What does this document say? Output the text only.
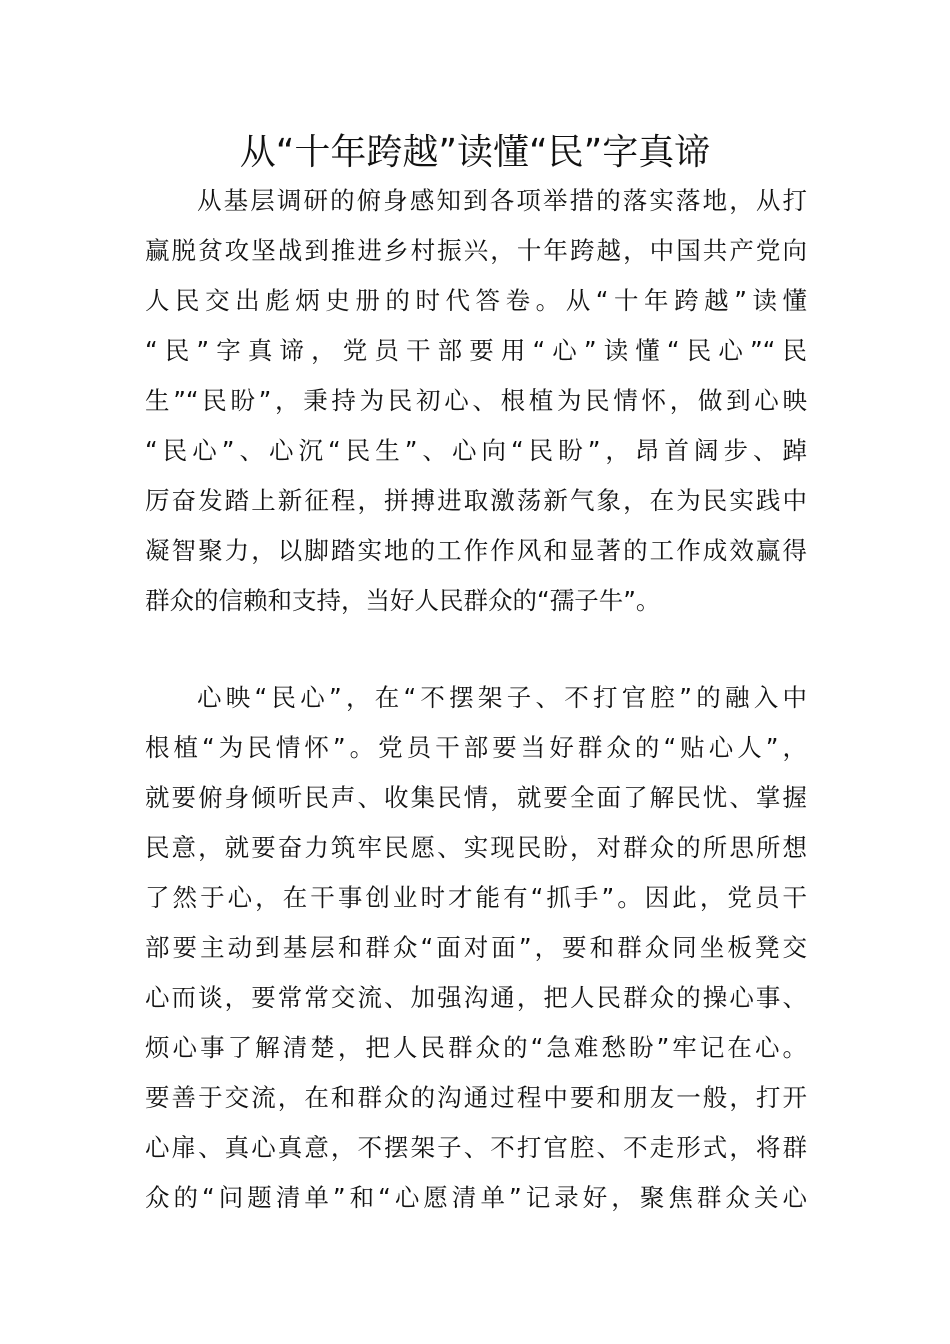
从“十年跨越”读懂“民”字真谛
从基层调研的俯身感知到各项举措的落实落地，从打
赢脱贫攻坚战到推进乡村振兴，十年跨越，中国共产党向
人民交出彪炳史册的时代答卷。从“十年跨越”读懂
“民”字真谛，党员干部要用“心”读懂“民心”“民
生”“民盼”，秉持为民初心、根植为民情怀，做到心映
“民心”、心沉“民生”、心向“民盼”，昂首阔步、踔
厉奋发踏上新征程，拼搏进取激荡新气象，在为民实践中
凝智聚力，以脚踏实地的工作作风和显著的工作成效赢得
群众的信赖和支持，当好人民群众的“孺子牛”。
心映“民心”，在“不摆架子、不打官腔”的融入中
根植“为民情怀”。党员干部要当好群众的“贴心人”，
就要俯身倾听民声、收集民情，就要全面了解民忧、掌握
民意，就要奋力筑牢民愿、实现民盼，对群众的所思所想
了然于心，在干事创业时才能有“抓手”。因此，党员干
部要主动到基层和群众“面对面”，要和群众同坐板凳交
心而谈，要常常交流、加强沟通，把人民群众的操心事、
烦心事了解清楚，把人民群众的“急难愁盼”牢记在心。
要善于交流，在和群众的沟通过程中要和朋友一般，打开
心扉、真心真意，不摆架子、不打官腔、不走形式，将群
众的“问题清单”和“心愿清单”记录好，聚焦群众关心
